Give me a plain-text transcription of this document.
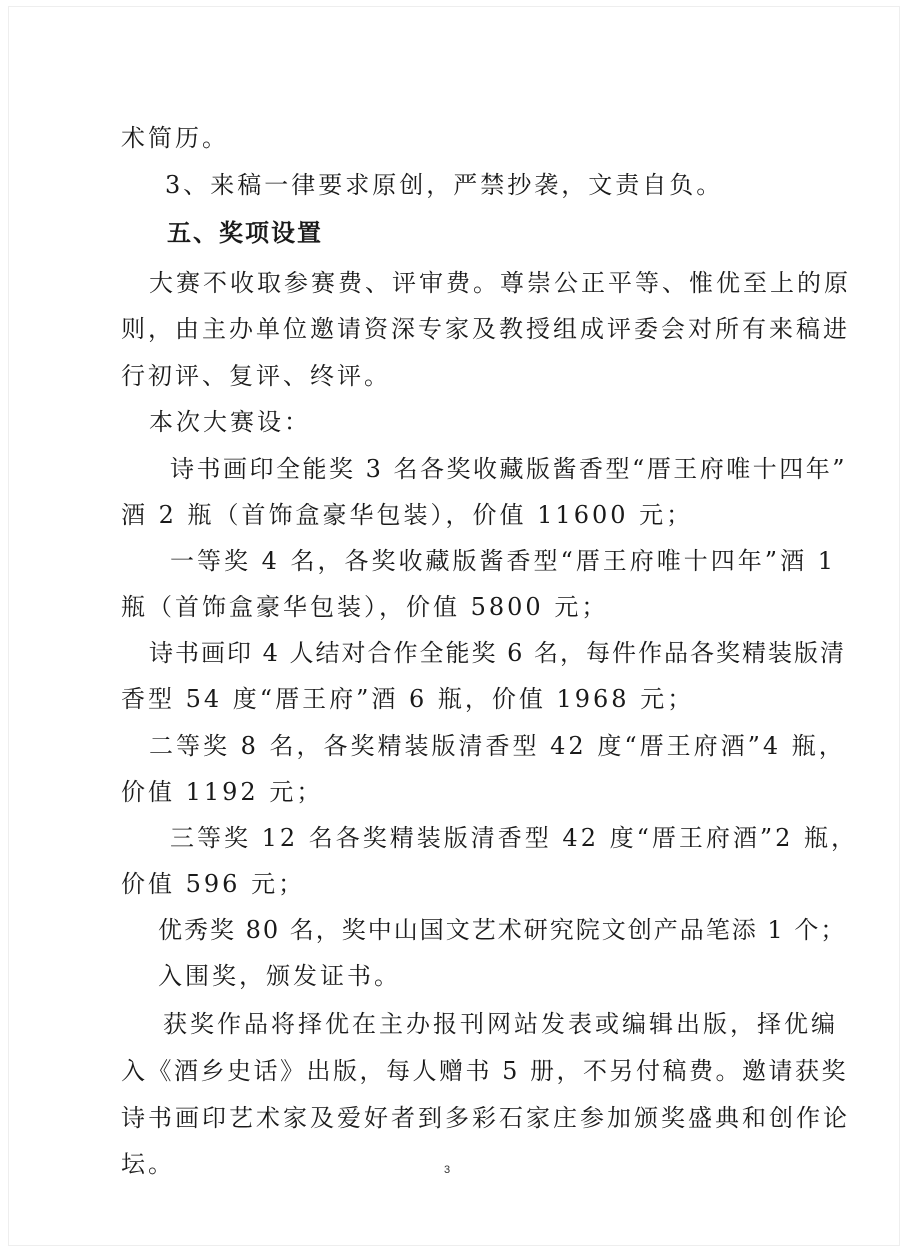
术简历。
3、来稿一律要求原创，严禁抄袭，文责自负。
五、奖项设置
大赛不收取参赛费、评审费。尊崇公正平等、惟优至上的原
则，由主办单位邀请资深专家及教授组成评委会对所有来稿进
行初评、复评、终评。
本次大赛设：
诗书画印全能奖 3 名各奖收藏版酱香型“厝王府唯十四年”
酒 2 瓶（首饰盒豪华包装），价值 11600 元；
一等奖 4 名，各奖收藏版酱香型“厝王府唯十四年”酒 1
瓶（首饰盒豪华包装），价值 5800 元；
诗书画印 4 人结对合作全能奖 6 名，每件作品各奖精装版清
香型 54 度“厝王府”酒 6 瓶，价值 1968 元；
二等奖 8 名，各奖精装版清香型 42 度“厝王府酒”4 瓶，
价值 1192 元；
三等奖 12 名各奖精装版清香型 42 度“厝王府酒”2 瓶，
价值 596 元；
优秀奖 80 名，奖中山国文艺术研究院文创产品笔添 1 个；
入围奖，颁发证书。
获奖作品将择优在主办报刊网站发表或编辑出版，择优编
入《酒乡史话》出版，每人赠书 5 册，不另付稿费。邀请获奖
诗书画印艺术家及爱好者到多彩石家庄参加颁奖盛典和创作论
坛。	3
